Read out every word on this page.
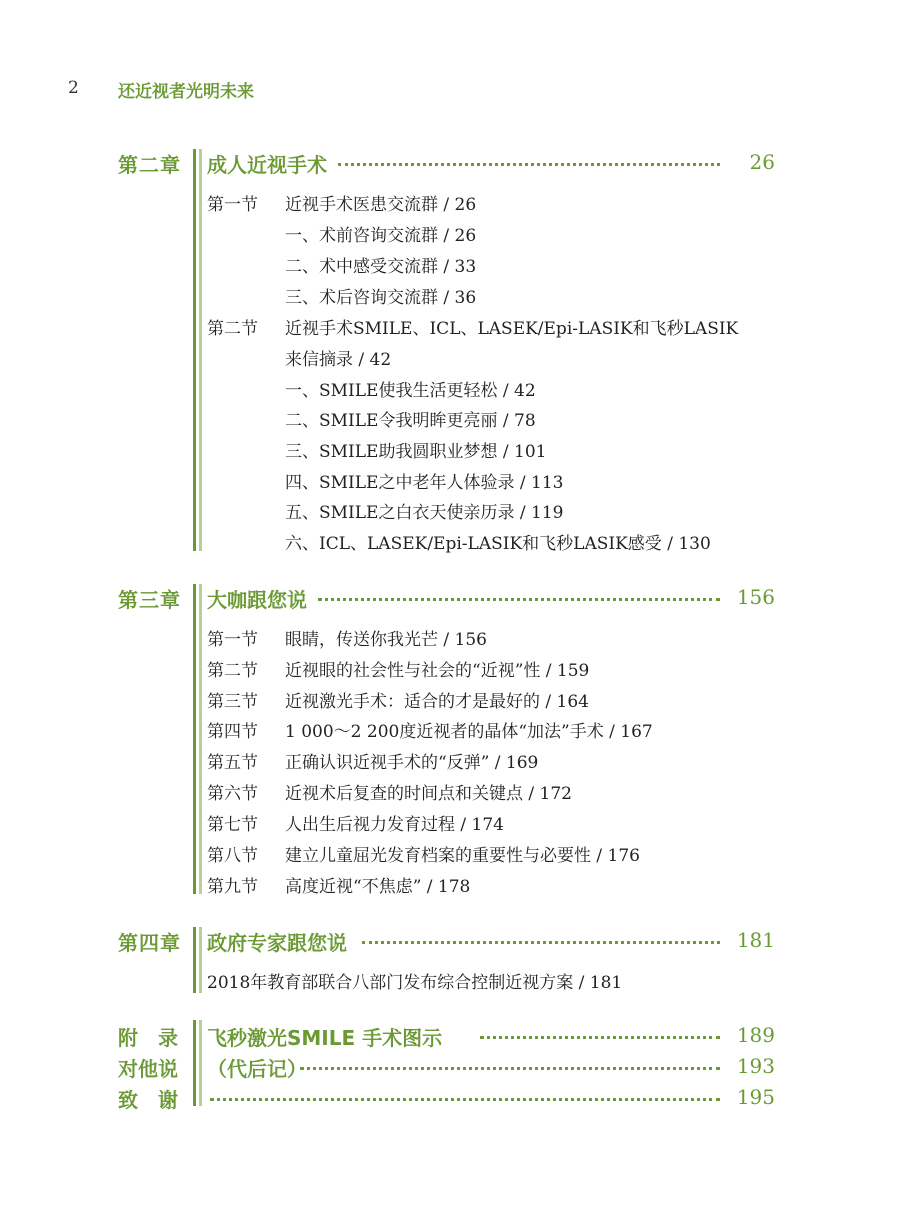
2 还近视者光明未来
第二章 成人近视手术	26
第一节 近视手术医患交流群 / 26
一、术前咨询交流群 / 26
二、术中感受交流群 / 33
三、术后咨询交流群 / 36
第二节 近视手术SMILE、ICL、LASEK/Epi-LASIK和飞秒LASIK
来信摘录 / 42
一、SMILE使我生活更轻松 / 42
二、SMILE令我明眸更亮丽 / 78
三、SMILE助我圆职业梦想 / 101
四、SMILE之中老年人体验录 / 113
五、SMILE之白衣天使亲历录 / 119
六、ICL、LASEK/Epi-LASIK和飞秒LASIK感受 / 130
第三章 大咖跟您说	156
第一节 眼睛，传送你我光芒 / 156
第二节 近视眼的社会性与社会的“近视”性 / 159
第三节 近视激光手术：适合的才是最好的 / 164
第四节 1 000～2 200度近视者的晶体“加法”手术 / 167
第五节 正确认识近视手术的“反弹” / 169
第六节 近视术后复查的时间点和关键点 / 172
第七节 人出生后视力发育过程 / 174
第八节 建立儿童屈光发育档案的重要性与必要性 / 176
第九节 高度近视“不焦虑” / 178
第四章 政府专家跟您说	181
2018年教育部联合八部门发布综合控制近视方案 / 181
附　录 飞秒激光SMILE 手术图示	189
对他说 （代后记）	193
致　谢	195
